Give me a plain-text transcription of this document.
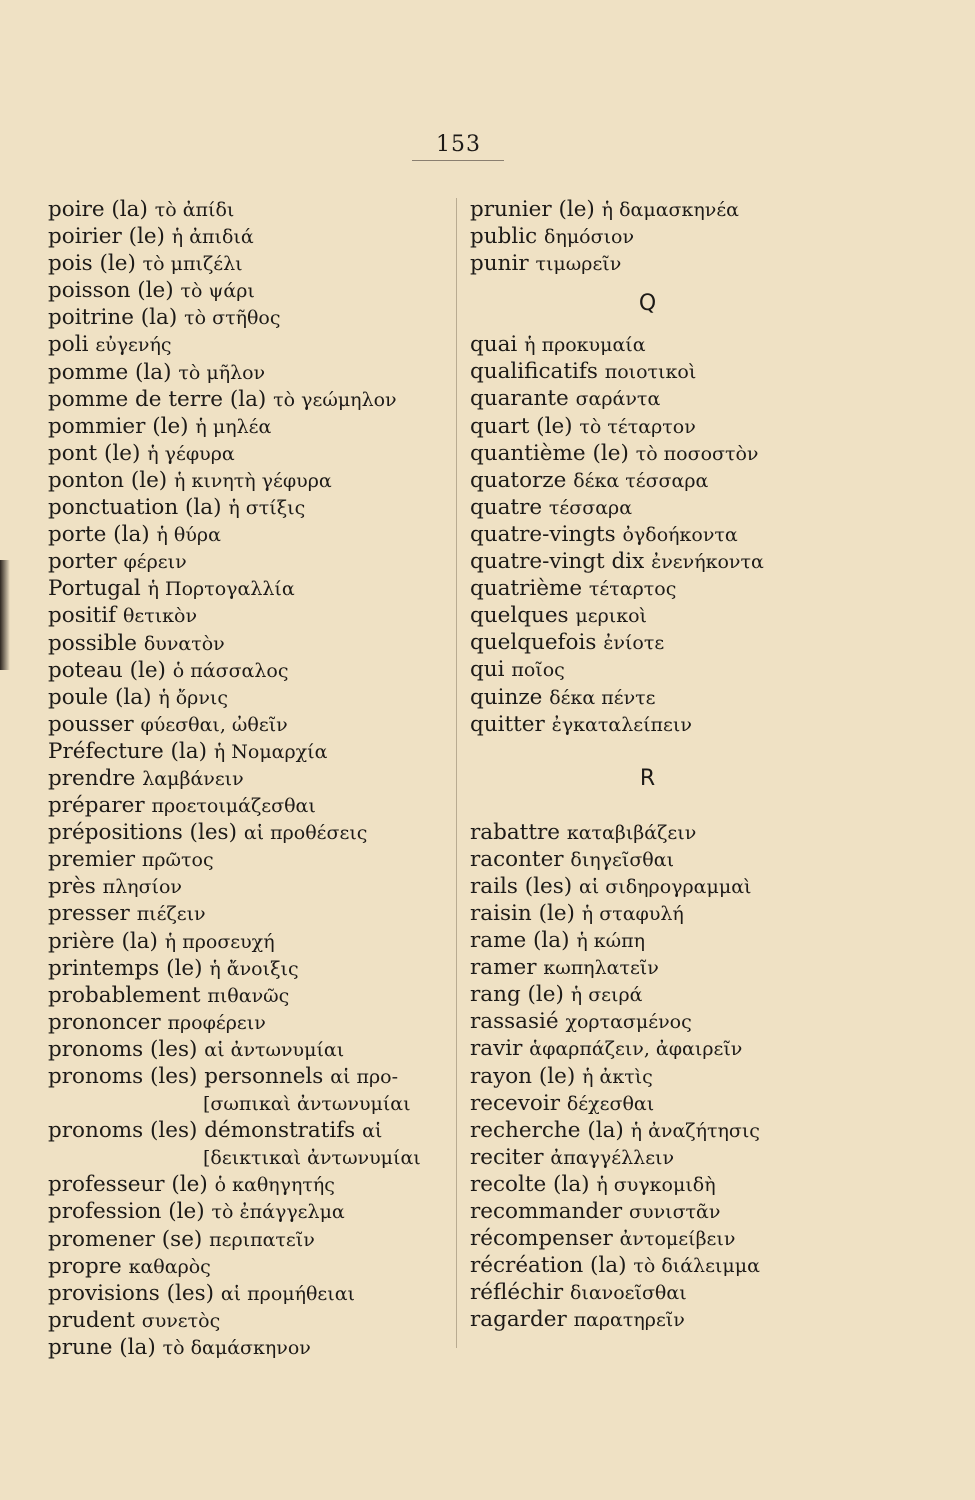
153
poire (la) τὸ ἀπίδι
poirier (le) ἡ ἀπιδιά
pois (le) τὸ μπιζέλι
poisson (le) τὸ ψάρι
poitrine (la) τὸ στῆθος
poli εὐγενής
pomme (la) τὸ μῆλον
pomme de terre (la) τὸ γεώμηλον
pommier (le) ἡ μηλέα
pont (le) ἡ γέφυρα
ponton (le) ἡ κινητὴ γέφυρα
ponctuation (la) ἡ στίξις
porte (la) ἡ θύρα
porter φέρειν
Portugal ἡ Πορτογαλλία
positif θετικὸν
possible δυνατὸν
poteau (le) ὁ πάσσαλος
poule (la) ἡ ὄρνις
pousser φύεσθαι, ὠθεῖν
Préfecture (la) ἡ Νομαρχία
prendre λαμβάνειν
préparer προετοιμάζεσθαι
prépositions (les) αἱ προθέσεις
premier πρῶτος
près πλησίον
presser πιέζειν
prière (la) ἡ προσευχή
printemps (le) ἡ ἄνοιξις
probablement πιθανῶς
prononcer προφέρειν
pronoms (les) αἱ ἀντωνυμίαι
pronoms (les) personnels αἱ προ-
[σωπικαὶ ἀντωνυμίαι
pronoms (les) démonstratifs αἱ
[δεικτικαὶ ἀντωνυμίαι
professeur (le) ὁ καθηγητής
profession (le) τὸ ἐπάγγελμα
promener (se) περιπατεῖν
propre καθαρὸς
provisions (les) αἱ προμήθειαι
prudent συνετὸς
prune (la) τὸ δαμάσκηνον
prunier (le) ἡ δαμασκηνέα
public δημόσιον
punir τιμωρεῖν
Q
quai ἡ προκυμαία
qualificatifs ποιοτικοὶ
quarante σαράντα
quart (le) τὸ τέταρτον
quantième (le) τὸ ποσοστὸν
quatorze δέκα τέσσαρα
quatre τέσσαρα
quatre-vingts ὀγδοήκοντα
quatre-vingt dix ἐνενήκοντα
quatrième τέταρτος
quelques μερικοὶ
quelquefois ἐνίοτε
qui ποῖος
quinze δέκα πέντε
quitter ἐγκαταλείπειν
R
rabattre καταβιβάζειν
raconter διηγεῖσθαι
rails (les) αἱ σιδηρογραμμαὶ
raisin (le) ἡ σταφυλή
rame (la) ἡ κώπη
ramer κωπηλατεῖν
rang (le) ἡ σειρά
rassasié χορτασμένος
ravir ἁφαρπάζειν, ἀφαιρεῖν
rayon (le) ἡ ἀκτὶς
recevoir δέχεσθαι
recherche (la) ἡ ἀναζήτησις
reciter ἀπαγγέλλειν
recolte (la) ἡ συγκομιδὴ
recommander συνιστᾶν
récompenser ἀντομείβειν
récréation (la) τὸ διάλειμμα
réfléchir διανοεῖσθαι
ragarder παρατηρεῖν
